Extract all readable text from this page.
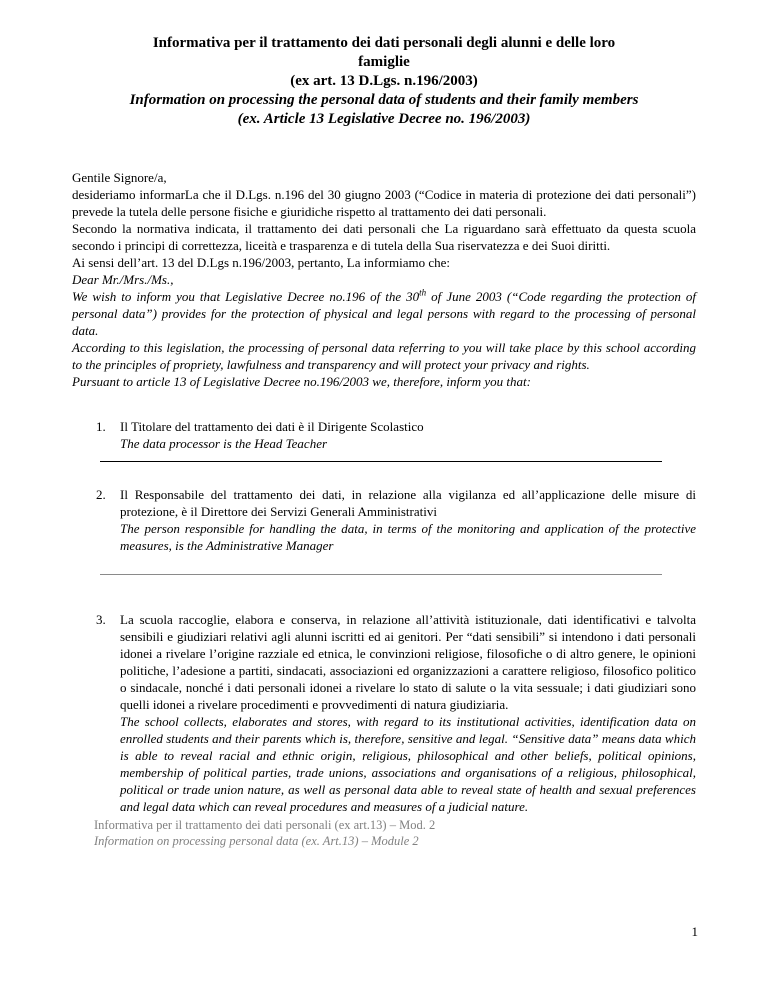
Informativa per il trattamento dei dati personali degli alunni e delle loro
famiglie
(ex art. 13 D.Lgs. n.196/2003)
Information on processing the personal data of students and their family members
(ex. Article 13 Legislative Decree no. 196/2003)

Gentile Signore/a,

desideriamo informarLa che il D.Lgs. n.196 del 30 giugno 2003 (“Codice in materia di protezione dei dati personali”) prevede la tutela delle persone fisiche e giuridiche rispetto al trattamento dei dati personali.

Secondo la normativa indicata, il trattamento dei dati personali che La riguardano sarà effettuato da questa scuola secondo i principi di correttezza, liceità e trasparenza e di tutela della Sua riservatezza e dei Suoi diritti.

Ai sensi dell’art. 13 del D.Lgs n.196/2003, pertanto, La informiamo che:

Dear Mr./Mrs./Ms.,

We wish to inform you that Legislative Decree no.196 of the 30th of June 2003 (“Code regarding the protection of personal data”) provides for the protection of physical and legal persons with regard to the processing of personal data.

According to this legislation, the processing of personal data referring to you will take place by this school according to the principles of propriety, lawfulness and transparency and will protect your privacy and rights.

Pursuant to article 13 of Legislative Decree no.196/2003 we, therefore, inform you that:

1.	Il Titolare del trattamento dei dati è il Dirigente Scolastico

The data processor is the Head Teacher

2.	Il Responsabile del trattamento dei dati, in relazione alla vigilanza ed all’applicazione delle misure di protezione, è il Direttore dei Servizi Generali Amministrativi

The person responsible for handling the data, in terms of the monitoring and application of the protective measures, is the Administrative Manager

3.	La scuola raccoglie, elabora e conserva, in relazione all’attività istituzionale, dati identificativi e talvolta sensibili e giudiziari relativi agli alunni iscritti ed ai genitori. Per “dati sensibili” si intendono i dati personali idonei a rivelare l’origine razziale ed etnica, le convinzioni religiose, filosofiche o di altro genere, le opinioni politiche, l’adesione a partiti, sindacati, associazioni ed organizzazioni a carattere religioso, filosofico politico o sindacale, nonché i dati personali idonei a rivelare lo stato di salute o la vita sessuale; i dati giudiziari sono quelli idonei a rivelare procedimenti e provvedimenti di natura giudiziaria.

The school collects, elaborates and stores, with regard to its institutional activities, identification data on enrolled students and their parents which is, therefore, sensitive and legal. “Sensitive data” means data which is able to reveal racial and ethnic origin, religious, philosophical and other beliefs, political opinions, membership of political parties, trade unions, associations and organisations of a religious, philosophical, political or trade union nature, as well as personal data able to reveal state of health and sexual preferences and legal data which can reveal procedures and measures of a judicial nature.

Informativa per il trattamento dei dati personali (ex art.13) – Mod. 2
Information on processing personal data (ex. Art.13) – Module 2
1
